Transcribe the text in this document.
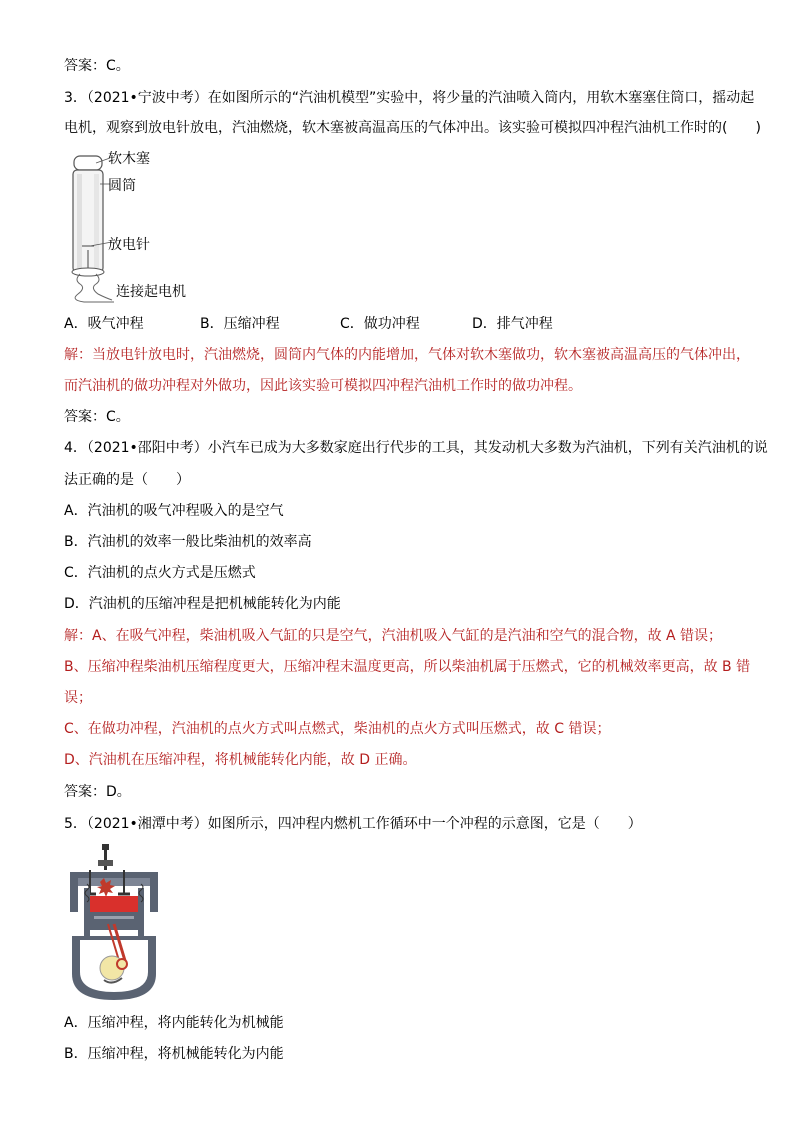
答案：C。
3．（2021•宁波中考）在如图所示的“汽油机模型”实验中，将少量的汽油喷入筒内，用软木塞塞住筒口，摇动起
电机，观察到放电针放电，汽油燃烧，软木塞被高温高压的气体冲出。该实验可模拟四冲程汽油机工作时的(　　)
软木塞
圆筒
放电针
连接起电机
A．吸气冲程	B．压缩冲程	C．做功冲程	D．排气冲程
解：当放电针放电时，汽油燃烧，圆筒内气体的内能增加，气体对软木塞做功，软木塞被高温高压的气体冲出，
而汽油机的做功冲程对外做功，因此该实验可模拟四冲程汽油机工作时的做功冲程。
答案：C。
4．（2021•邵阳中考）小汽车已成为大多数家庭出行代步的工具，其发动机大多数为汽油机，下列有关汽油机的说
法正确的是（　　）
A．汽油机的吸气冲程吸入的是空气
B．汽油机的效率一般比柴油机的效率高
C．汽油机的点火方式是压燃式
D．汽油机的压缩冲程是把机械能转化为内能
解：A、在吸气冲程，柴油机吸入气缸的只是空气，汽油机吸入气缸的是汽油和空气的混合物，故 A 错误；
B、压缩冲程柴油机压缩程度更大，压缩冲程末温度更高，所以柴油机属于压燃式，它的机械效率更高，故 B 错
误；
C、在做功冲程，汽油机的点火方式叫点燃式，柴油机的点火方式叫压燃式，故 C 错误；
D、汽油机在压缩冲程，将机械能转化内能，故 D 正确。
答案：D。
5．（2021•湘潭中考）如图所示，四冲程内燃机工作循环中一个冲程的示意图，它是（　　）
A．压缩冲程，将内能转化为机械能
B．压缩冲程，将机械能转化为内能
